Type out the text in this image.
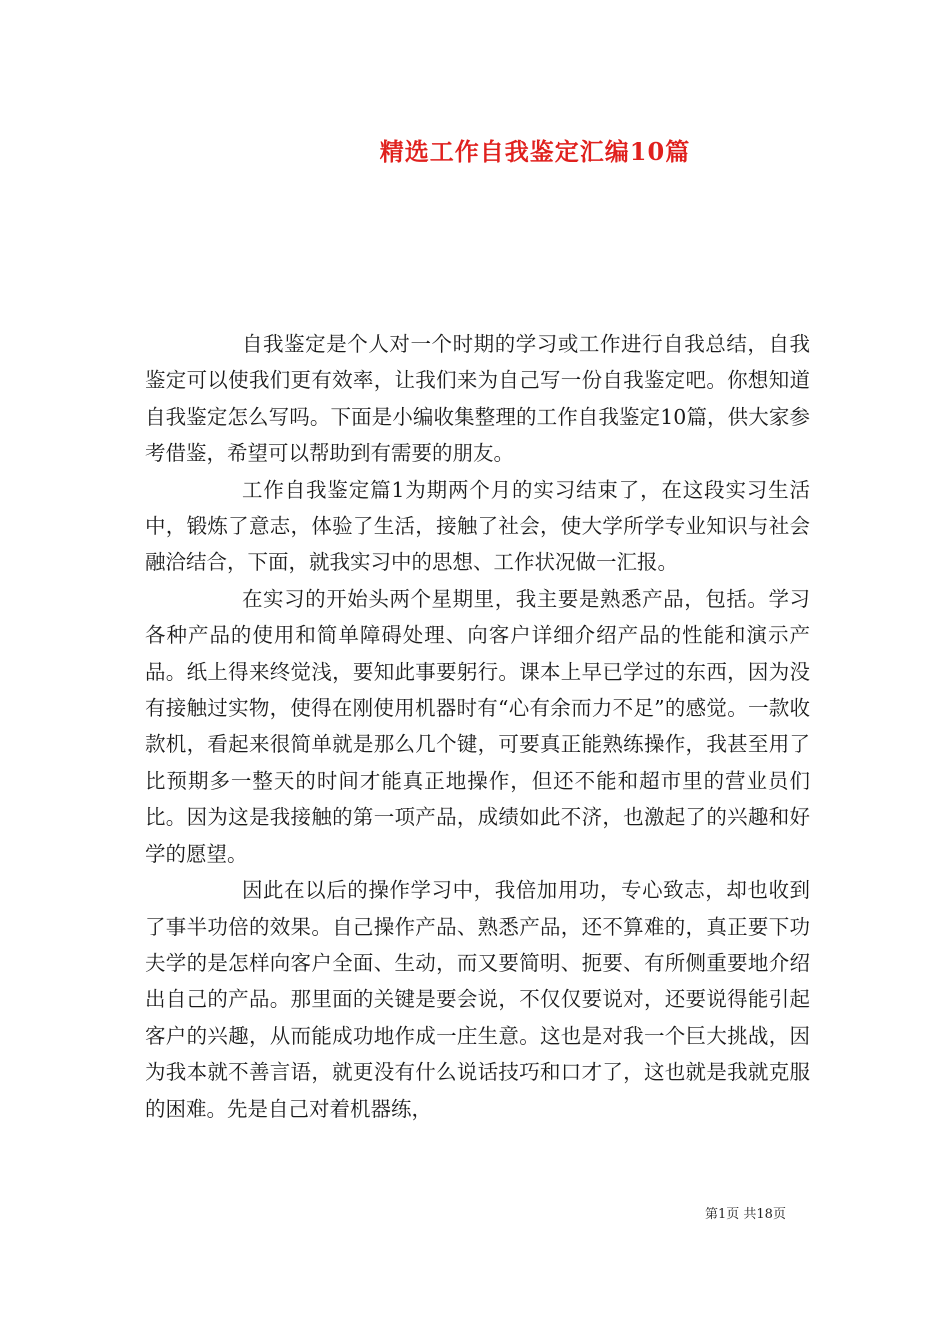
精选工作自我鉴定汇编10篇

自我鉴定是个人对一个时期的学习或工作进行自我总结，自我鉴定可以使我们更有效率，让我们来为自己写一份自我鉴定吧。你想知道自我鉴定怎么写吗。下面是小编收集整理的工作自我鉴定10篇，供大家参考借鉴，希望可以帮助到有需要的朋友。

工作自我鉴定篇1为期两个月的实习结束了，在这段实习生活中，锻炼了意志，体验了生活，接触了社会，使大学所学专业知识与社会融洽结合，下面，就我实习中的思想、工作状况做一汇报。

在实习的开始头两个星期里，我主要是熟悉产品，包括。学习各种产品的使用和简单障碍处理、向客户详细介绍产品的性能和演示产品。纸上得来终觉浅，要知此事要躬行。课本上早已学过的东西，因为没有接触过实物，使得在刚使用机器时有“心有余而力不足”的感觉。一款收款机，看起来很简单就是那么几个键，可要真正能熟练操作，我甚至用了比预期多一整天的时间才能真正地操作，但还不能和超市里的营业员们比。因为这是我接触的第一项产品，成绩如此不济，也激起了的兴趣和好学的愿望。

因此在以后的操作学习中，我倍加用功，专心致志，却也收到了事半功倍的效果。自己操作产品、熟悉产品，还不算难的，真正要下功夫学的是怎样向客户全面、生动，而又要简明、扼要、有所侧重要地介绍出自己的产品。那里面的关键是要会说，不仅仅要说对，还要说得能引起客户的兴趣，从而能成功地作成一庄生意。这也是对我一个巨大挑战，因为我本就不善言语，就更没有什么说话技巧和口才了，这也就是我就克服的困难。先是自己对着机器练，

第1页 共18页
